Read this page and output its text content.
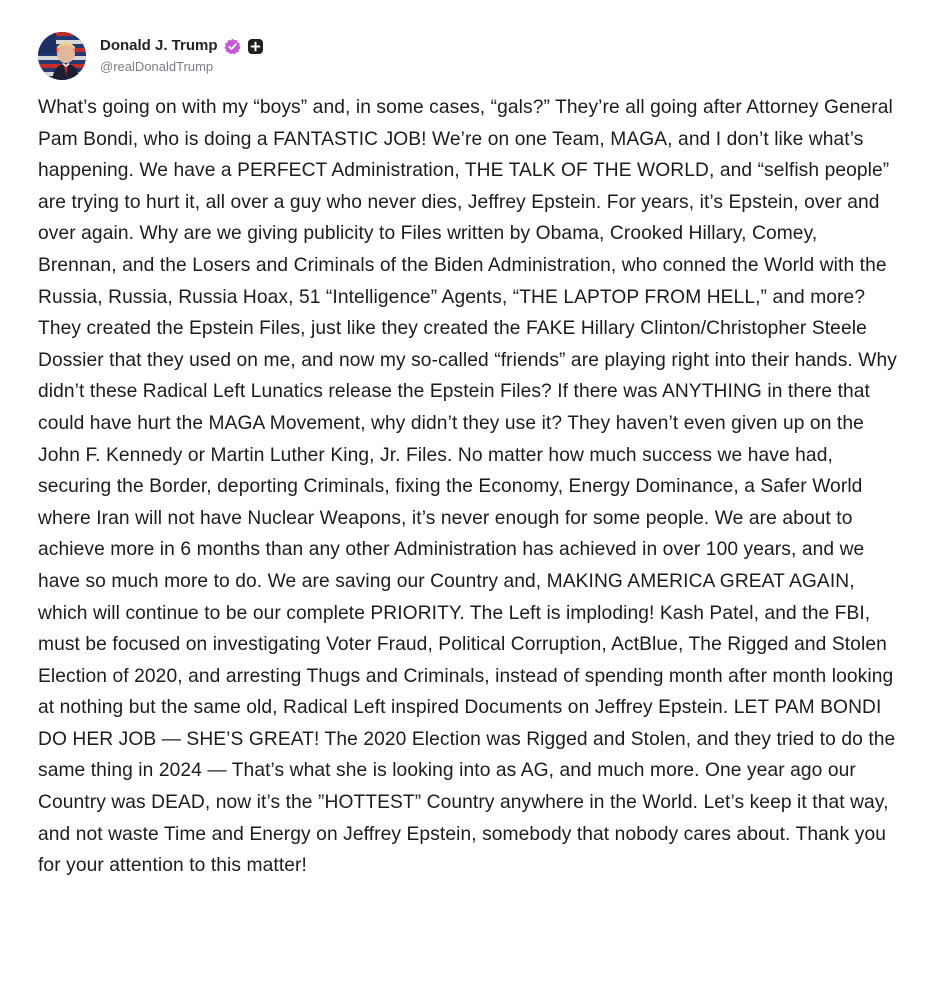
Donald J. Trump
@realDonaldTrump
What’s going on with my “boys” and, in some cases, “gals?” They’re all going after Attorney General Pam Bondi, who is doing a FANTASTIC JOB! We’re on one Team, MAGA, and I don’t like what’s happening. We have a PERFECT Administration, THE TALK OF THE WORLD, and “selfish people” are trying to hurt it, all over a guy who never dies, Jeffrey Epstein. For years, it’s Epstein, over and over again. Why are we giving publicity to Files written by Obama, Crooked Hillary, Comey, Brennan, and the Losers and Criminals of the Biden Administration, who conned the World with the Russia, Russia, Russia Hoax, 51 “Intelligence” Agents, “THE LAPTOP FROM HELL,” and more? They created the Epstein Files, just like they created the FAKE Hillary Clinton/Christopher Steele Dossier that they used on me, and now my so-called “friends” are playing right into their hands. Why didn’t these Radical Left Lunatics release the Epstein Files? If there was ANYTHING in there that could have hurt the MAGA Movement, why didn’t they use it? They haven’t even given up on the John F. Kennedy or Martin Luther King, Jr. Files. No matter how much success we have had, securing the Border, deporting Criminals, fixing the Economy, Energy Dominance, a Safer World where Iran will not have Nuclear Weapons, it’s never enough for some people. We are about to achieve more in 6 months than any other Administration has achieved in over 100 years, and we have so much more to do. We are saving our Country and, MAKING AMERICA GREAT AGAIN, which will continue to be our complete PRIORITY. The Left is imploding! Kash Patel, and the FBI, must be focused on investigating Voter Fraud, Political Corruption, ActBlue, The Rigged and Stolen Election of 2020, and arresting Thugs and Criminals, instead of spending month after month looking at nothing but the same old, Radical Left inspired Documents on Jeffrey Epstein. LET PAM BONDI DO HER JOB — SHE’S GREAT! The 2020 Election was Rigged and Stolen, and they tried to do the same thing in 2024 — That’s what she is looking into as AG, and much more. One year ago our Country was DEAD, now it’s the ”HOTTEST” Country anywhere in the World. Let’s keep it that way, and not waste Time and Energy on Jeffrey Epstein, somebody that nobody cares about. Thank you for your attention to this matter!
